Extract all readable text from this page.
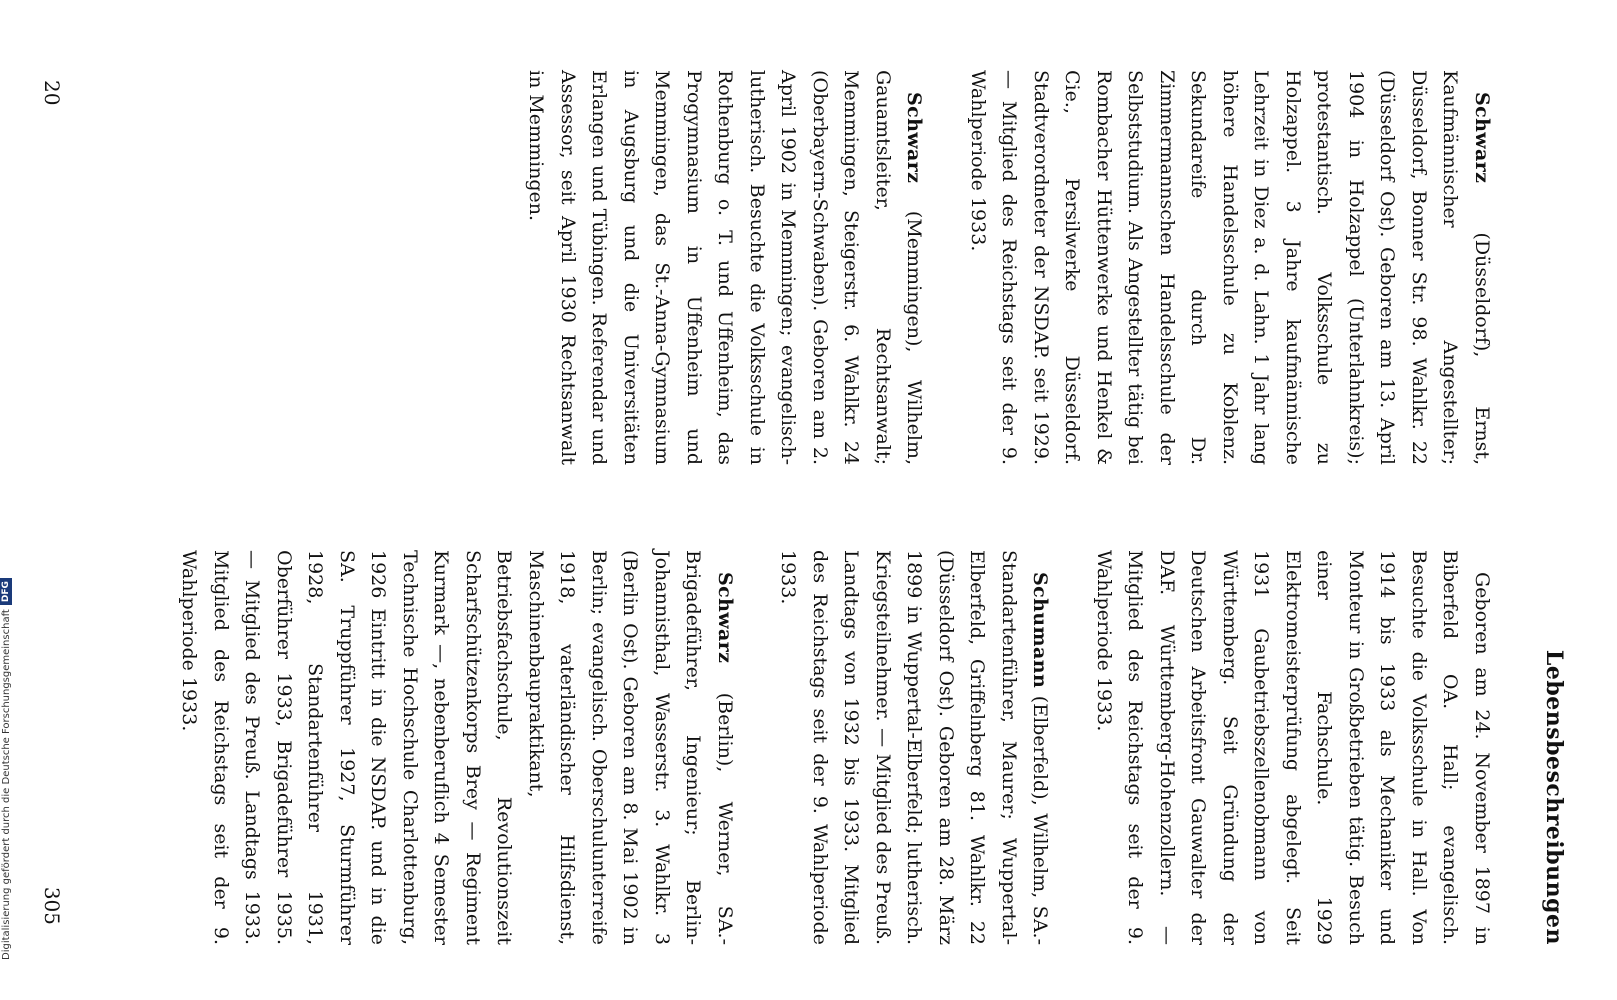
Lebensbeschreibungen

Geboren am 24. November 1897 in Biberfeld OA. Hall; evangelisch. Besuchte die Volksschule in Hall. Von 1914 bis 1933 als Mechaniker und Monteur in Großbetrieben tätig. Besuch einer Fachschule. 1929 Elektromeisterprüfung abgelegt. Seit 1931 Gaubetriebszellenobmann von Württemberg. Seit Gründung der Deutschen Arbeitsfront Gauwalter der DAF. Württemberg-Hohenzollern. — Mitglied des Reichstags seit der 9. Wahlperiode 1933.

Schumann (Elberfeld), Wilhelm, SA.-Standartenführer, Maurer; Wuppertal-Elberfeld, Griffelnberg 81. Wahlkr. 22 (Düsseldorf Ost). Geboren am 28. März 1899 in Wuppertal-Elberfeld; lutherisch. Kriegsteilnehmer. — Mitglied des Preuß. Landtags von 1932 bis 1933. Mitglied des Reichstags seit der 9. Wahlperiode 1933.

Schwarz (Berlin), Werner, SA.-Brigadeführer, Ingenieur; Berlin-Johannisthal, Wasserstr. 3. Wahlkr. 3 (Berlin Ost). Geboren am 8. Mai 1902 in Berlin; evangelisch. Oberschulunterreife 1918, vaterländischer Hilfsdienst, Maschinenbaupraktikant, Betriebsfachschule, Revolutionszeit Scharfschützenkorps Brey — Regiment Kurmark —, nebenberuflich 4 Semester Technische Hochschule Charlottenburg, 1926 Eintritt in die NSDAP. und in die SA. Truppführer 1927, Sturmführer 1928, Standartenführer 1931, Oberführer 1933, Brigadeführer 1935. — Mitglied des Preuß. Landtags 1933. Mitglied des Reichstags seit der 9. Wahlperiode 1933.

Schwarz (Düsseldorf), Ernst, Kaufmännischer Angestellter; Düsseldorf, Bonner Str. 98. Wahlkr. 22 (Düsseldorf Ost). Geboren am 13. April 1904 in Holzappel (Unterlahnkreis); protestantisch. Volksschule zu Holzappel. 3 Jahre kaufmännische Lehrzeit in Diez a. d. Lahn. 1 Jahr lang höhere Handelsschule zu Koblenz. Sekundareife durch Dr. Zimmermannschen Handelsschule der Selbststudium. Als Angestellter tätig bei Rombacher Hüttenwerke und Henkel & Cie., Persilwerke Düsseldorf. Stadtverordneter der NSDAP. seit 1929. — Mitglied des Reichstags seit der 9. Wahlperiode 1933.

Schwarz (Memmingen), Wilhelm, Gauamtsleiter, Rechtsanwalt; Memmingen, Steigerstr. 6. Wahlkr. 24 (Oberbayern-Schwaben). Geboren am 2. April 1902 in Memmingen; evangelisch-lutherisch. Besuchte die Volksschule in Rothenburg o. T. und Uffenheim, das Progymnasium in Uffenheim und Memmingen, das St.-Anna-Gymnasium in Augsburg und die Universitäten Erlangen und Tübingen. Referendar und Assessor, seit April 1930 Rechtsanwalt in Memmingen.

305
20
Digitalisierung gefördert durch die Deutsche Forschungsgemeinschaft
DFG
